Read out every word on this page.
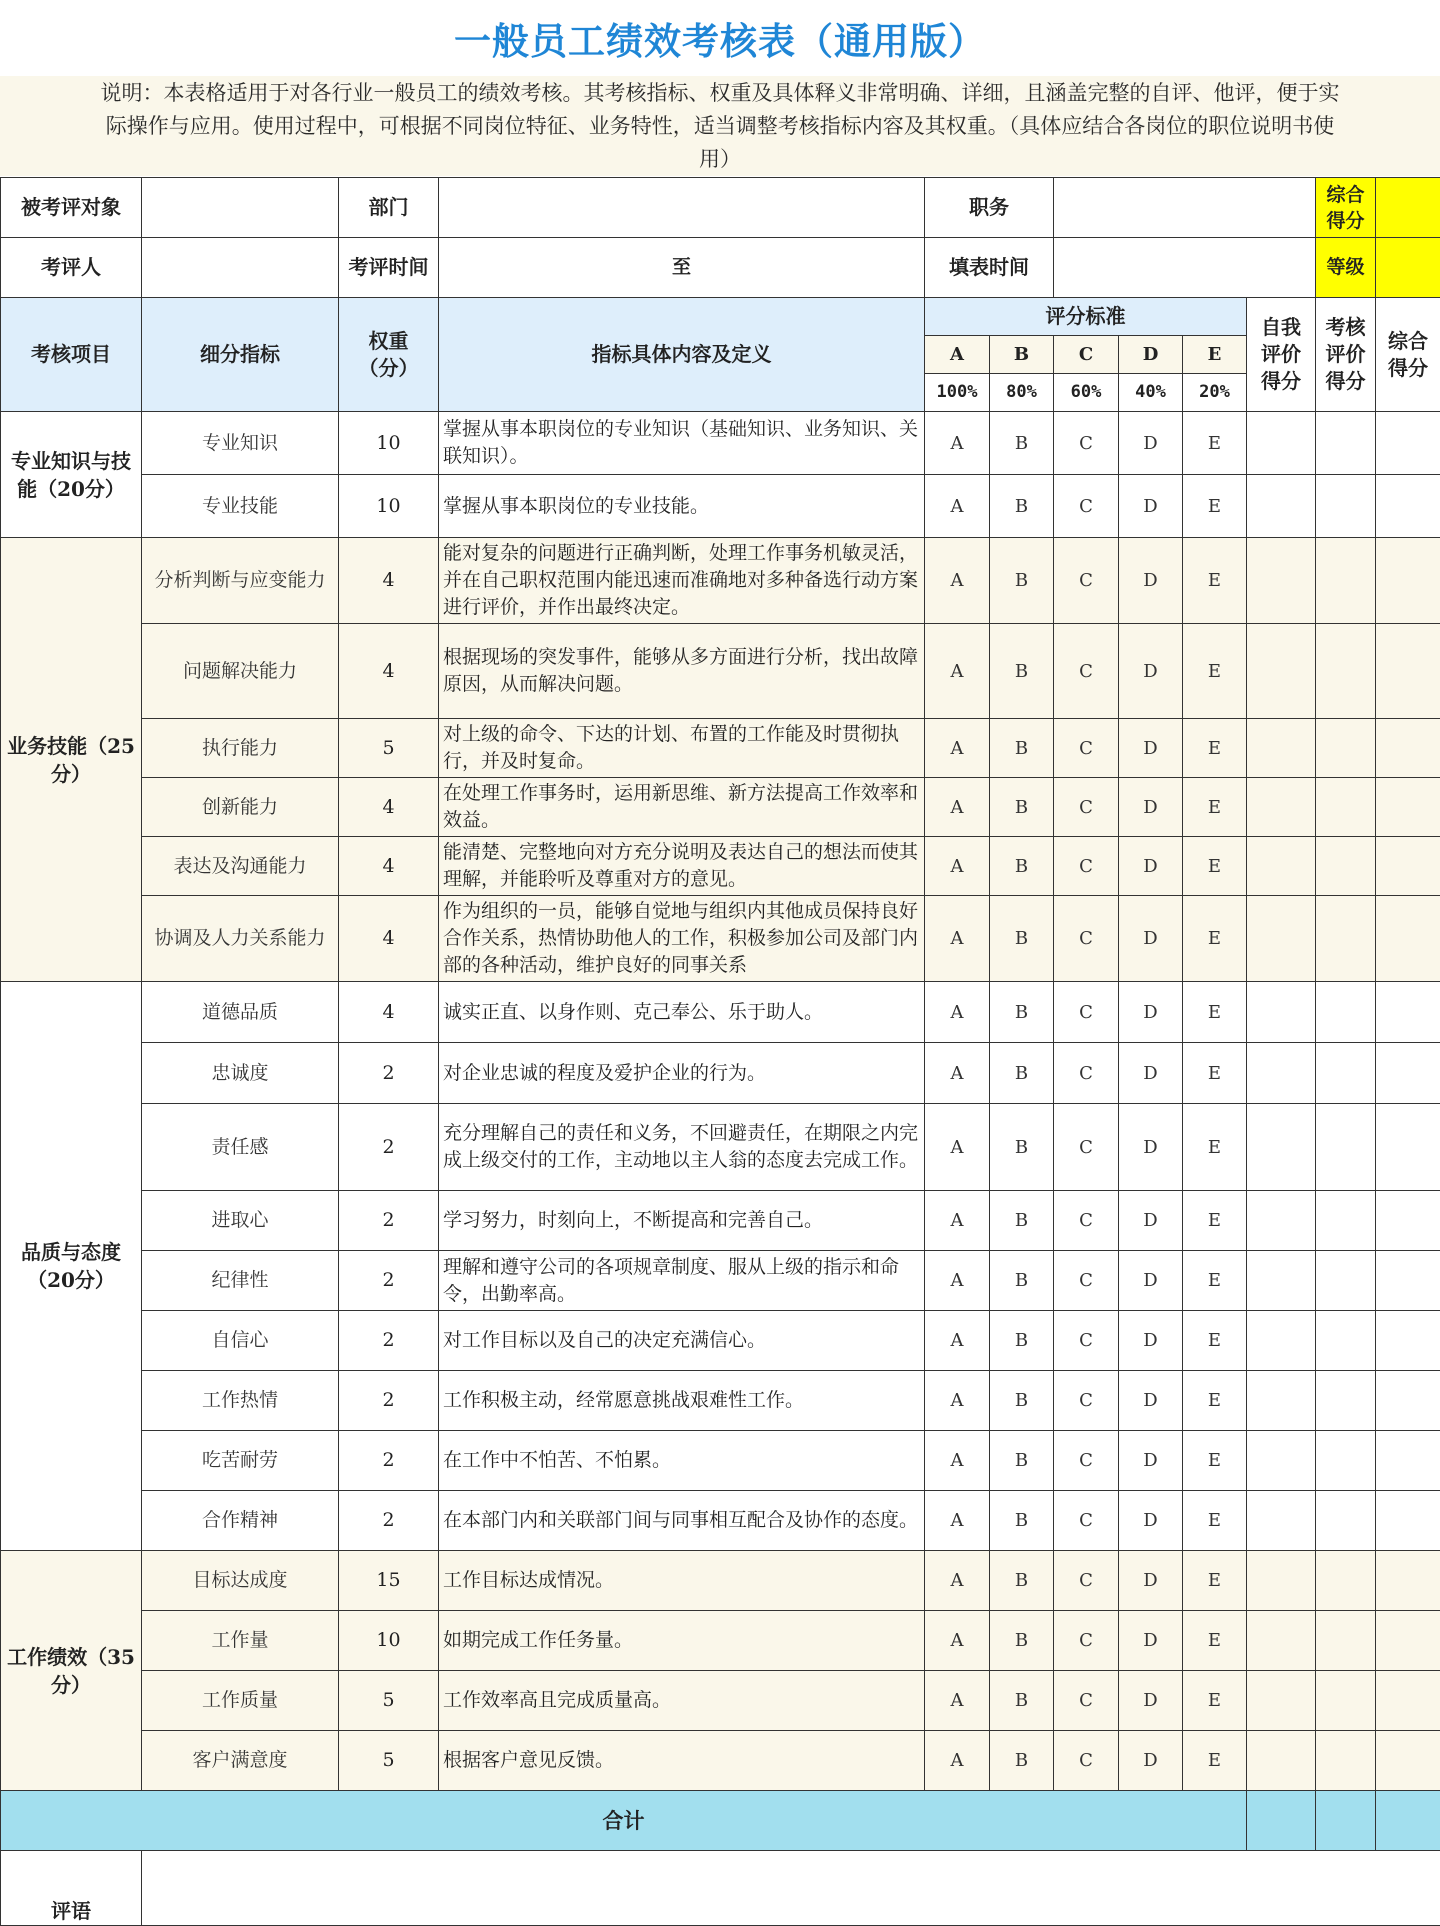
一般员工绩效考核表（通用版）
说明：本表格适用于对各行业一般员工的绩效考核。其考核指标、权重及具体释义非常明确、详细，且涵盖完整的自评、他评，便于实
际操作与应用。使用过程中，可根据不同岗位特征、业务特性，适当调整考核指标内容及其权重。（具体应结合各岗位的职位说明书使
用）
被考评对象		部门		职务						综合得分	
考评人		考评时间	至	填表时间						等级	
考核项目	细分指标	权重（分）	指标具体内容及定义	评分标准					自我评价得分	考核评价得分	综合得分
				A	B	C	D	E			
				100%	80%	60%	40%	20%			
专业知识与技能（20分）	专业知识	10	掌握从事本职岗位的专业知识（基础知识、业务知识、关联知识）。	A	B	C	D	E			
	专业技能	10	掌握从事本职岗位的专业技能。	A	B	C	D	E			
业务技能（25分）	分析判断与应变能力	4	能对复杂的问题进行正确判断，处理工作事务机敏灵活，并在自己职权范围内能迅速而准确地对多种备选行动方案进行评价，并作出最终决定。	A	B	C	D	E			
	问题解决能力	4	根据现场的突发事件，能够从多方面进行分析，找出故障原因，从而解决问题。	A	B	C	D	E			
	执行能力	5	对上级的命令、下达的计划、布置的工作能及时贯彻执行，并及时复命。	A	B	C	D	E			
	创新能力	4	在处理工作事务时，运用新思维、新方法提高工作效率和效益。	A	B	C	D	E			
	表达及沟通能力	4	能清楚、完整地向对方充分说明及表达自己的想法而使其理解，并能聆听及尊重对方的意见。	A	B	C	D	E			
	协调及人力关系能力	4	作为组织的一员，能够自觉地与组织内其他成员保持良好合作关系，热情协助他人的工作，积极参加公司及部门内部的各种活动，维护良好的同事关系	A	B	C	D	E			
品质与态度（20分）	道德品质	4	诚实正直、以身作则、克己奉公、乐于助人。	A	B	C	D	E			
	忠诚度	2	对企业忠诚的程度及爱护企业的行为。	A	B	C	D	E			
	责任感	2	充分理解自己的责任和义务，不回避责任，在期限之内完成上级交付的工作，主动地以主人翁的态度去完成工作。	A	B	C	D	E			
	进取心	2	学习努力，时刻向上，不断提高和完善自己。	A	B	C	D	E			
	纪律性	2	理解和遵守公司的各项规章制度、服从上级的指示和命令，出勤率高。	A	B	C	D	E			
	自信心	2	对工作目标以及自己的决定充满信心。	A	B	C	D	E			
	工作热情	2	工作积极主动，经常愿意挑战艰难性工作。	A	B	C	D	E			
	吃苦耐劳	2	在工作中不怕苦、不怕累。	A	B	C	D	E			
	合作精神	2	在本部门内和关联部门间与同事相互配合及协作的态度。	A	B	C	D	E			
工作绩效（35分）	目标达成度	15	工作目标达成情况。	A	B	C	D	E			
	工作量	10	如期完成工作任务量。	A	B	C	D	E			
	工作质量	5	工作效率高且完成质量高。	A	B	C	D	E			
	客户满意度	5	根据客户意见反馈。	A	B	C	D	E			
合计											
评语											
